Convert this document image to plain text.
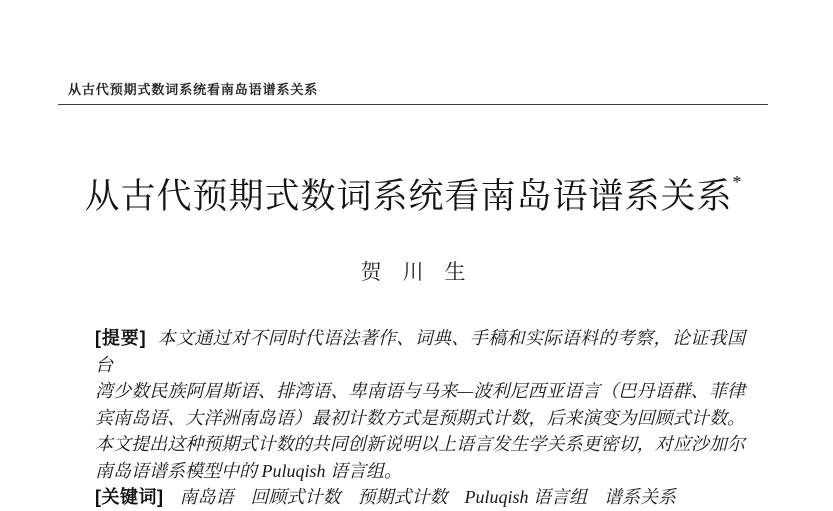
从古代预期式数词系统看南岛语谱系关系
从古代预期式数词系统看南岛语谱系关系*
贺　川　生
[提要] 本文通过对不同时代语法著作、词典、手稿和实际语料的考察，论证我国台
湾少数民族阿眉斯语、排湾语、卑南语与马来—波利尼西亚语言（巴丹语群、菲律
宾南岛语、大洋洲南岛语）最初计数方式是预期式计数，后来演变为回顾式计数。
本文提出这种预期式计数的共同创新说明以上语言发生学关系更密切，对应沙加尔
南岛语谱系模型中的 Puluqish 语言组。
[关键词] 南岛语 回顾式计数 预期式计数 Puluqish 语言组 谱系关系
